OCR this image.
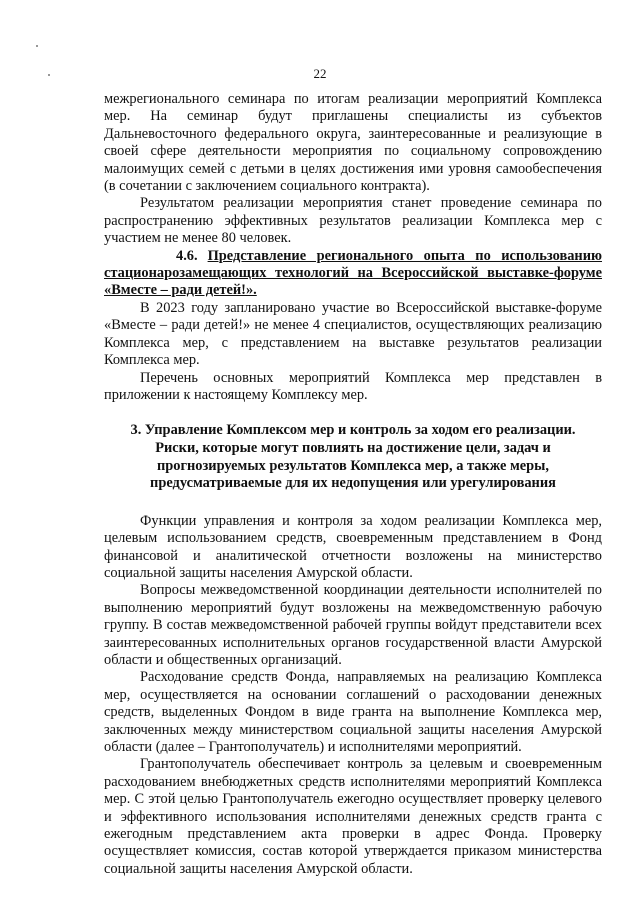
22

межрегионального семинара по итогам реализации мероприятий Комплекса мер. На семинар будут приглашены специалисты из субъектов Дальневосточного федерального округа, заинтересованные и реализующие в своей сфере деятельности мероприятия по социальному сопровождению малоимущих семей с детьми в целях достижения ими уровня самообеспечения (в сочетании с заключением социального контракта).

Результатом реализации мероприятия станет проведение семинара по распространению эффективных результатов реализации Комплекса мер с участием не менее 80 человек.

4.6. Представление регионального опыта по использованию стационарозамещающих технологий на Всероссийской выставке-форуме «Вместе – ради детей!».

В 2023 году запланировано участие во Всероссийской выставке-форуме «Вместе – ради детей!» не менее 4 специалистов, осуществляющих реализацию Комплекса мер, с представлением на выставке результатов реализации Комплекса мер.

Перечень основных мероприятий Комплекса мер представлен в приложении к настоящему Комплексу мер.

3. Управление Комплексом мер и контроль за ходом его реализации.
Риски, которые могут повлиять на достижение цели, задач и
прогнозируемых результатов Комплекса мер, а также меры,
предусматриваемые для их недопущения или урегулирования

Функции управления и контроля за ходом реализации Комплекса мер, целевым использованием средств, своевременным представлением в Фонд финансовой и аналитической отчетности возложены на министерство социальной защиты населения Амурской области.

Вопросы межведомственной координации деятельности исполнителей по выполнению мероприятий будут возложены на межведомственную рабочую группу. В состав межведомственной рабочей группы войдут представители всех заинтересованных исполнительных органов государственной власти Амурской области и общественных организаций.

Расходование средств Фонда, направляемых на реализацию Комплекса мер, осуществляется на основании соглашений о расходовании денежных средств, выделенных Фондом в виде гранта на выполнение Комплекса мер, заключенных между министерством социальной защиты населения Амурской области (далее – Грантополучатель) и исполнителями мероприятий.

Грантополучатель обеспечивает контроль за целевым и своевременным расходованием внебюджетных средств исполнителями мероприятий Комплекса мер. С этой целью Грантополучатель ежегодно осуществляет проверку целевого и эффективного использования исполнителями денежных средств гранта с ежегодным представлением акта проверки в адрес Фонда. Проверку осуществляет комиссия, состав которой утверждается приказом министерства социальной защиты населения Амурской области.
